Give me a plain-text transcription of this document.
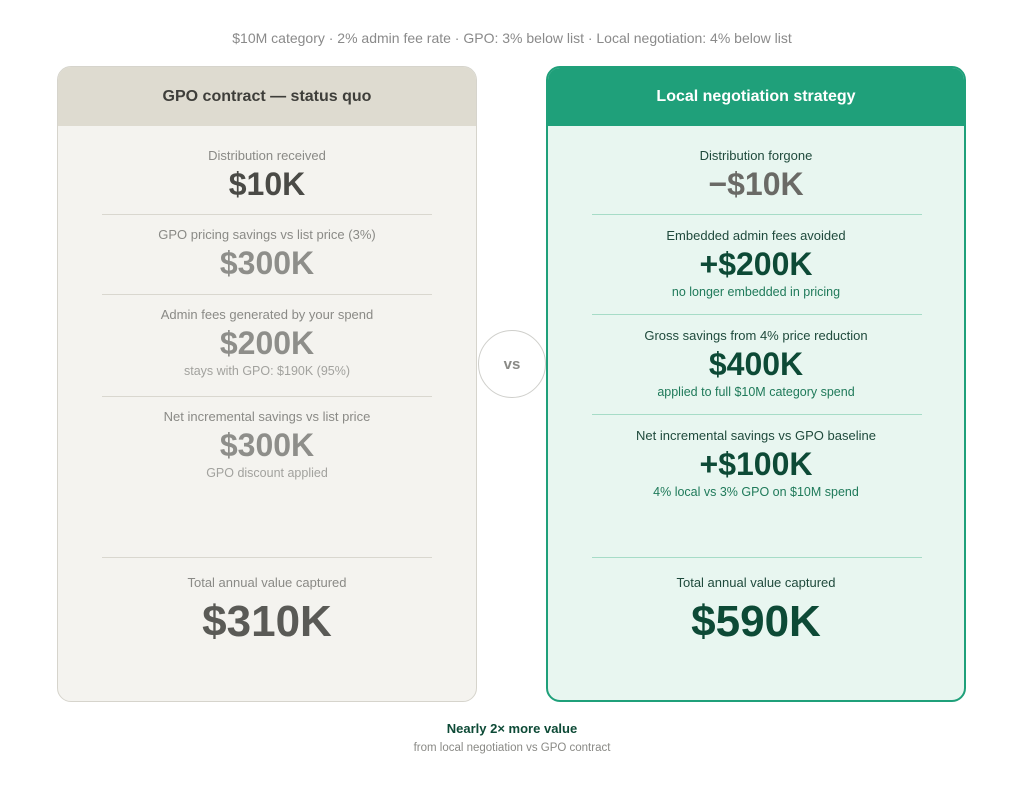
$10M category · 2% admin fee rate · GPO: 3% below list · Local negotiation: 4% below list
GPO contract — status quo
Distribution received
$10K
GPO pricing savings vs list price (3%)
$300K
Admin fees generated by your spend
$200K
stays with GPO: $190K (95%)
Net incremental savings vs list price
$300K
GPO discount applied
Total annual value captured
$310K
vs
Local negotiation strategy
Distribution forgone
−$10K
Embedded admin fees avoided
+$200K
no longer embedded in pricing
Gross savings from 4% price reduction
$400K
applied to full $10M category spend
Net incremental savings vs GPO baseline
+$100K
4% local vs 3% GPO on $10M spend
Total annual value captured
$590K
Nearly 2× more value
from local negotiation vs GPO contract
